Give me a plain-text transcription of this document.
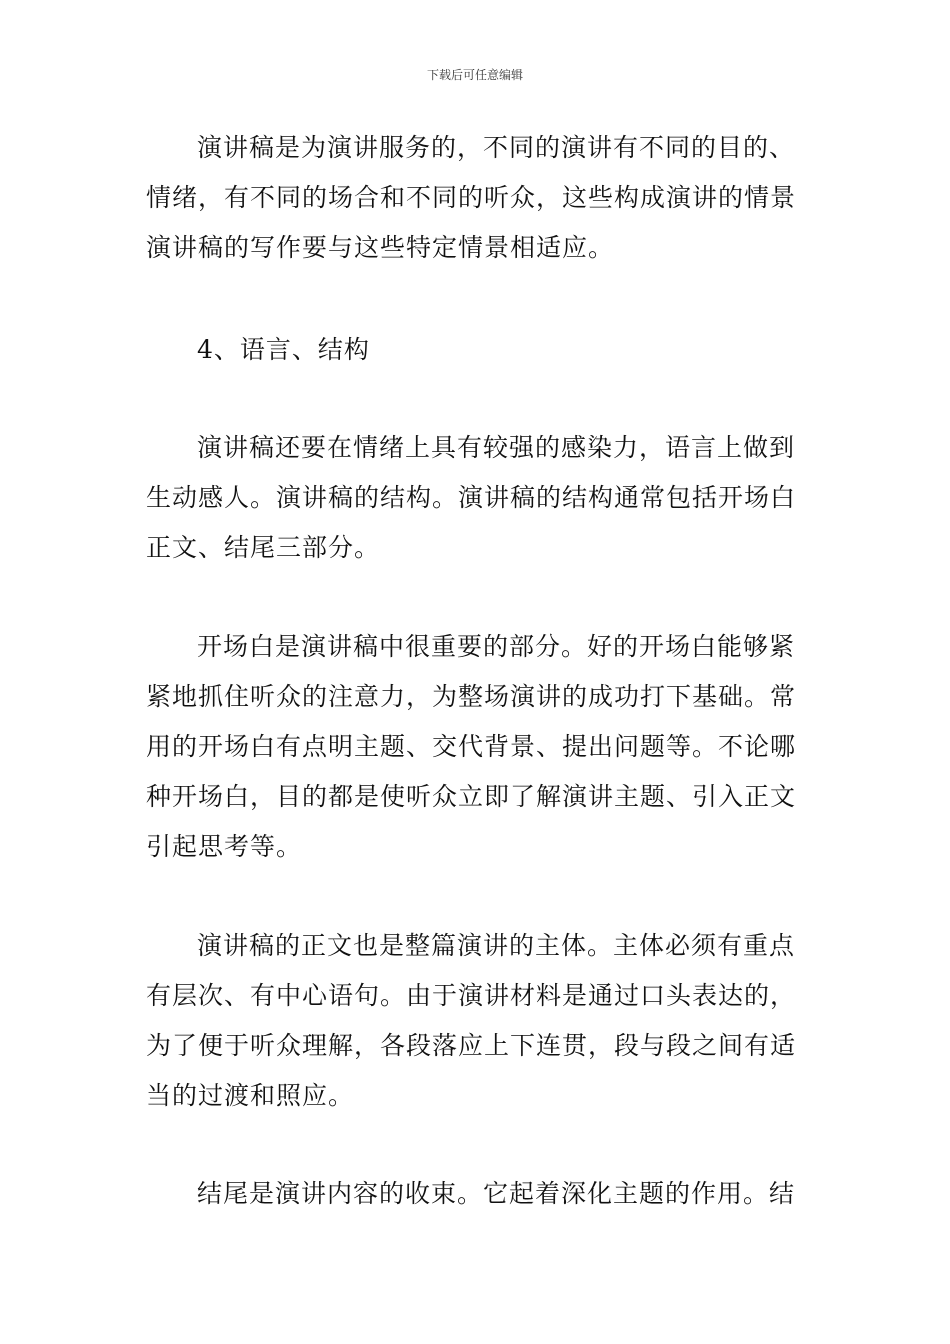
下载后可任意编辑
演讲稿是为演讲服务的，不同的演讲有不同的目的、
情绪，有不同的场合和不同的听众，这些构成演讲的情景
演讲稿的写作要与这些特定情景相适应。
4、语言、结构
演讲稿还要在情绪上具有较强的感染力，语言上做到
生动感人。演讲稿的结构。演讲稿的结构通常包括开场白
正文、结尾三部分。
开场白是演讲稿中很重要的部分。好的开场白能够紧
紧地抓住听众的注意力，为整场演讲的成功打下基础。常
用的开场白有点明主题、交代背景、提出问题等。不论哪
种开场白，目的都是使听众立即了解演讲主题、引入正文
引起思考等。
演讲稿的正文也是整篇演讲的主体。主体必须有重点
有层次、有中心语句。由于演讲材料是通过口头表达的，
为了便于听众理解，各段落应上下连贯，段与段之间有适
当的过渡和照应。
结尾是演讲内容的收束。它起着深化主题的作用。结
